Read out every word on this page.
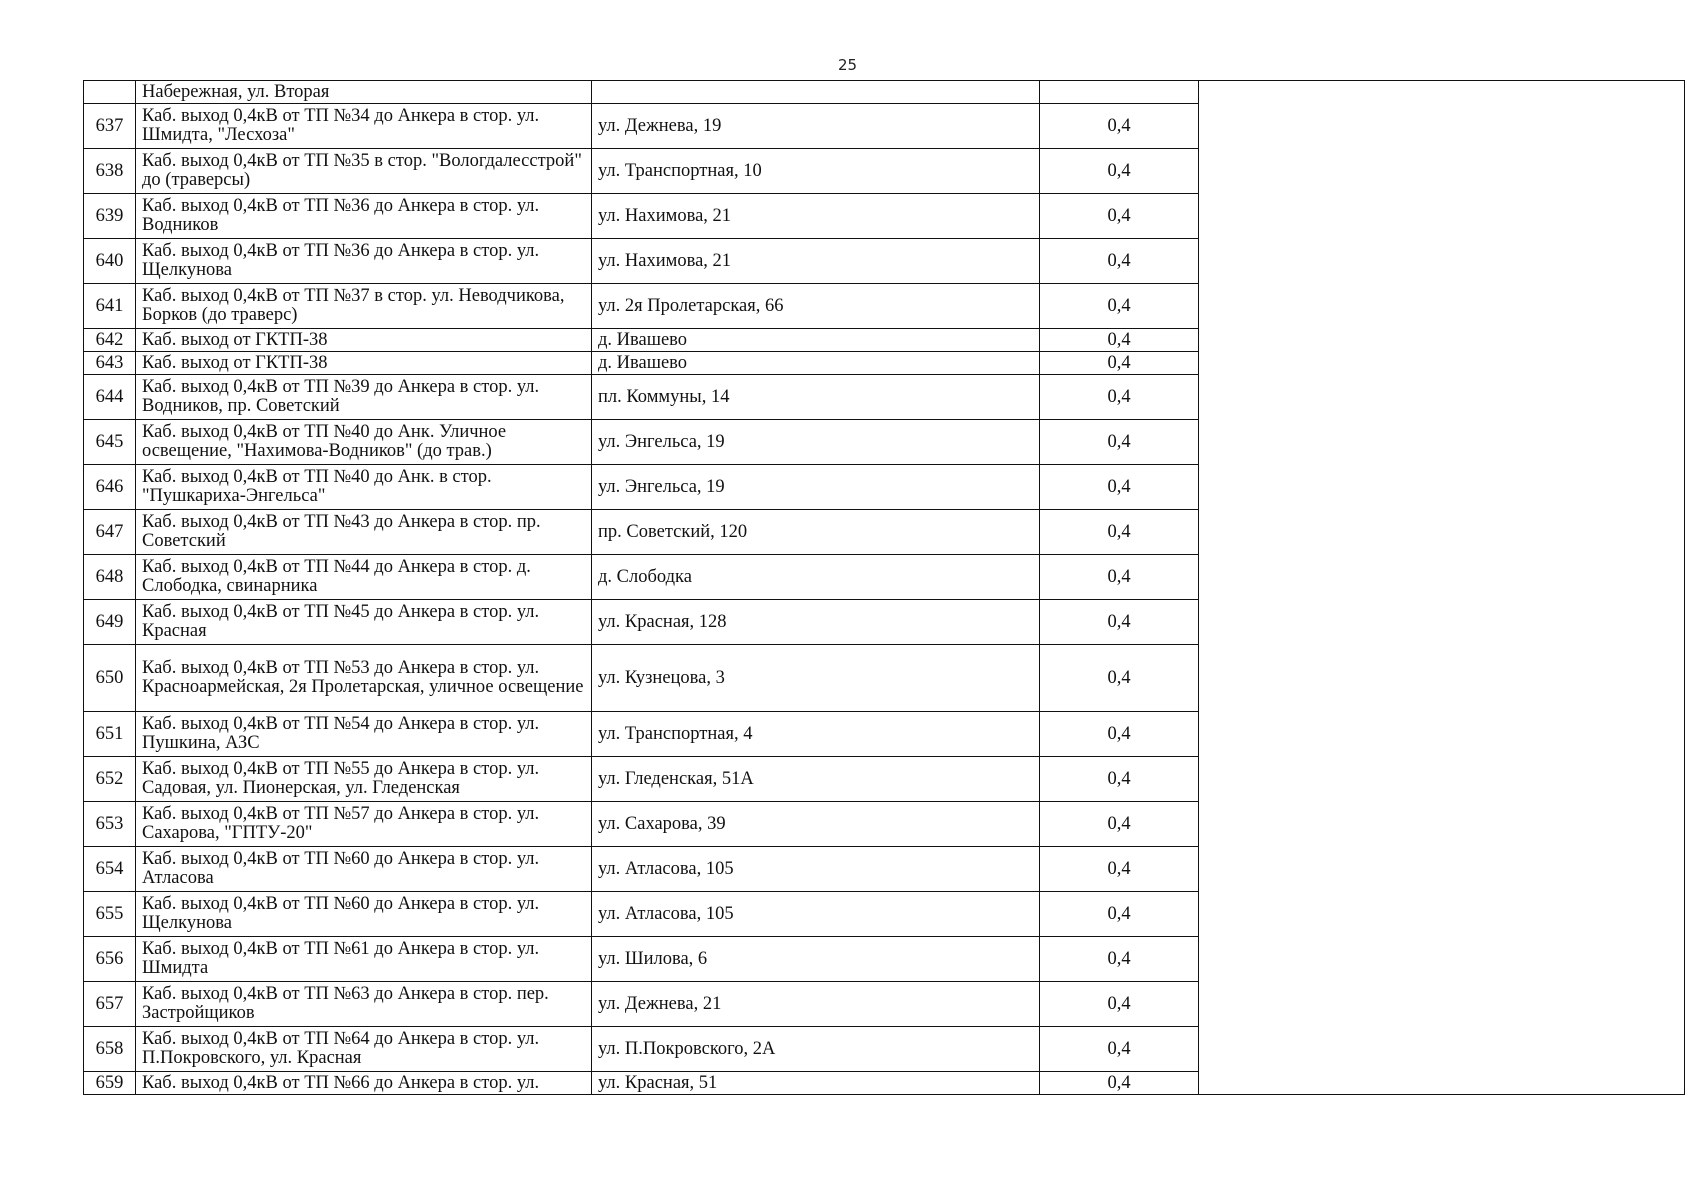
25
	Набережная, ул. Вторая			
637	Каб. выход 0,4кВ от ТП №34 до Анкера в стор. ул. Шмидта, "Лесхоза"	ул. Дежнева, 19	0,4	
638	Каб. выход 0,4кВ от ТП №35 в стор. "Вологдалесстрой" до (траверсы)	ул. Транспортная, 10	0,4	
639	Каб. выход 0,4кВ от ТП №36 до Анкера в стор. ул. Водников	ул. Нахимова, 21	0,4	
640	Каб. выход 0,4кВ от ТП №36 до Анкера в стор. ул. Щелкунова	ул. Нахимова, 21	0,4	
641	Каб. выход 0,4кВ от ТП №37 в стор. ул. Неводчикова, Борков (до траверс)	ул. 2я Пролетарская, 66	0,4	
642	Каб. выход от ГКТП-38	д. Ивашево	0,4	
643	Каб. выход от ГКТП-38	д. Ивашево	0,4	
644	Каб. выход 0,4кВ от ТП №39 до Анкера в стор. ул. Водников, пр. Советский	пл. Коммуны, 14	0,4	
645	Каб. выход 0,4кВ от ТП №40 до Анк. Уличное освещение, "Нахимова-Водников" (до трав.)	ул. Энгельса, 19	0,4	
646	Каб. выход 0,4кВ от ТП №40 до Анк. в стор. "Пушкариха-Энгельса"	ул. Энгельса, 19	0,4	
647	Каб. выход 0,4кВ от ТП №43 до Анкера в стор. пр. Советский	пр. Советский, 120	0,4	
648	Каб. выход 0,4кВ от ТП №44 до Анкера в стор. д. Слободка, свинарника	д. Слободка	0,4	
649	Каб. выход 0,4кВ от ТП №45 до Анкера в стор. ул. Красная	ул. Красная, 128	0,4	
650	Каб. выход 0,4кВ от ТП №53 до Анкера в стор. ул. Красноармейская, 2я Пролетарская, уличное освещение	ул. Кузнецова, 3	0,4	
651	Каб. выход 0,4кВ от ТП №54 до Анкера в стор. ул. Пушкина, АЗС	ул. Транспортная, 4	0,4	
652	Каб. выход 0,4кВ от ТП №55 до Анкера в стор. ул. Садовая, ул. Пионерская, ул. Гледенская	ул. Гледенская, 51А	0,4	
653	Каб. выход 0,4кВ от ТП №57 до Анкера в стор. ул. Сахарова, "ГПТУ-20"	ул. Сахарова, 39	0,4	
654	Каб. выход 0,4кВ от ТП №60 до Анкера в стор. ул. Атласова	ул. Атласова, 105	0,4	
655	Каб. выход 0,4кВ от ТП №60 до Анкера в стор. ул. Щелкунова	ул. Атласова, 105	0,4	
656	Каб. выход 0,4кВ от ТП №61 до Анкера в стор. ул. Шмидта	ул. Шилова, 6	0,4	
657	Каб. выход 0,4кВ от ТП №63 до Анкера в стор. пер. Застройщиков	ул. Дежнева, 21	0,4	
658	Каб. выход 0,4кВ от ТП №64 до Анкера в стор. ул. П.Покровского, ул. Красная	ул. П.Покровского, 2А	0,4	
659	Каб. выход 0,4кВ от ТП №66 до Анкера в стор. ул.	ул. Красная, 51	0,4	
